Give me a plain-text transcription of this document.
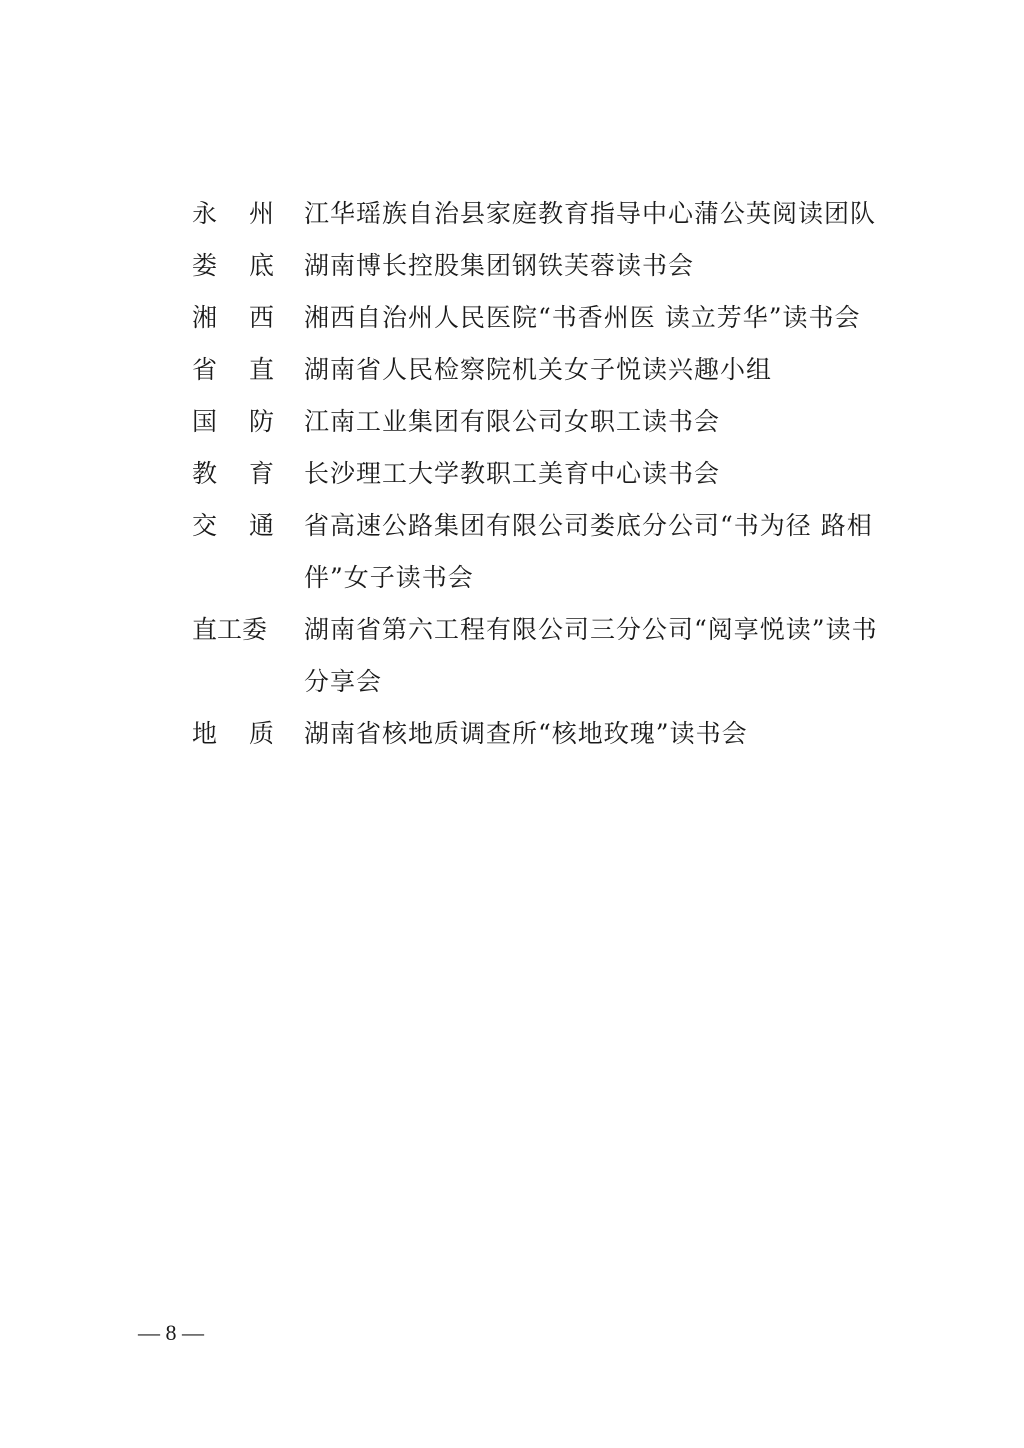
永 州 江华瑶族自治县家庭教育指导中心蒲公英阅读团队
娄 底 湖南博长控股集团钢铁芙蓉读书会
湘 西 湘西自治州人民医院“书香州医 读立芳华”读书会
省 直 湖南省人民检察院机关女子悦读兴趣小组
国 防 江南工业集团有限公司女职工读书会
教 育 长沙理工大学教职工美育中心读书会
交 通 省高速公路集团有限公司娄底分公司“书为径 路相伴”女子读书会
直工委 湖南省第六工程有限公司三分公司“阅享悦读”读书分享会
地 质 湖南省核地质调查所“核地玫瑰”读书会
— 8 —
